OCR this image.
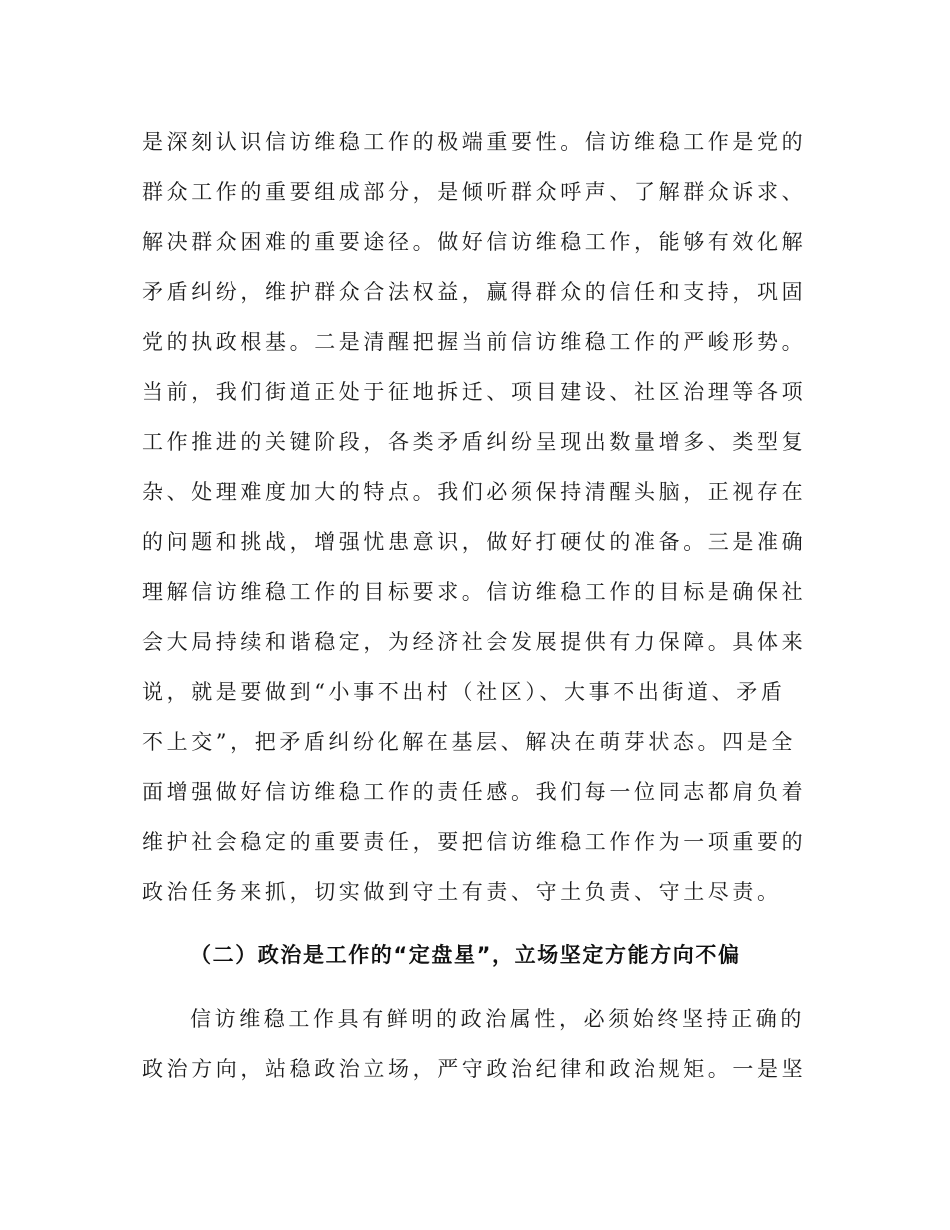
是深刻认识信访维稳工作的极端重要性。信访维稳工作是党的
群众工作的重要组成部分，是倾听群众呼声、了解群众诉求、
解决群众困难的重要途径。做好信访维稳工作，能够有效化解
矛盾纠纷，维护群众合法权益，赢得群众的信任和支持，巩固
党的执政根基。二是清醒把握当前信访维稳工作的严峻形势。
当前，我们街道正处于征地拆迁、项目建设、社区治理等各项
工作推进的关键阶段，各类矛盾纠纷呈现出数量增多、类型复
杂、处理难度加大的特点。我们必须保持清醒头脑，正视存在
的问题和挑战，增强忧患意识，做好打硬仗的准备。三是准确
理解信访维稳工作的目标要求。信访维稳工作的目标是确保社
会大局持续和谐稳定，为经济社会发展提供有力保障。具体来
说，就是要做到“小事不出村（社区）、大事不出街道、矛盾
不上交”，把矛盾纠纷化解在基层、解决在萌芽状态。四是全
面增强做好信访维稳工作的责任感。我们每一位同志都肩负着
维护社会稳定的重要责任，要把信访维稳工作作为一项重要的
政治任务来抓，切实做到守土有责、守土负责、守土尽责。
（二）政治是工作的“定盘星”，立场坚定方能方向不偏
信访维稳工作具有鲜明的政治属性，必须始终坚持正确的
政治方向，站稳政治立场，严守政治纪律和政治规矩。一是坚
